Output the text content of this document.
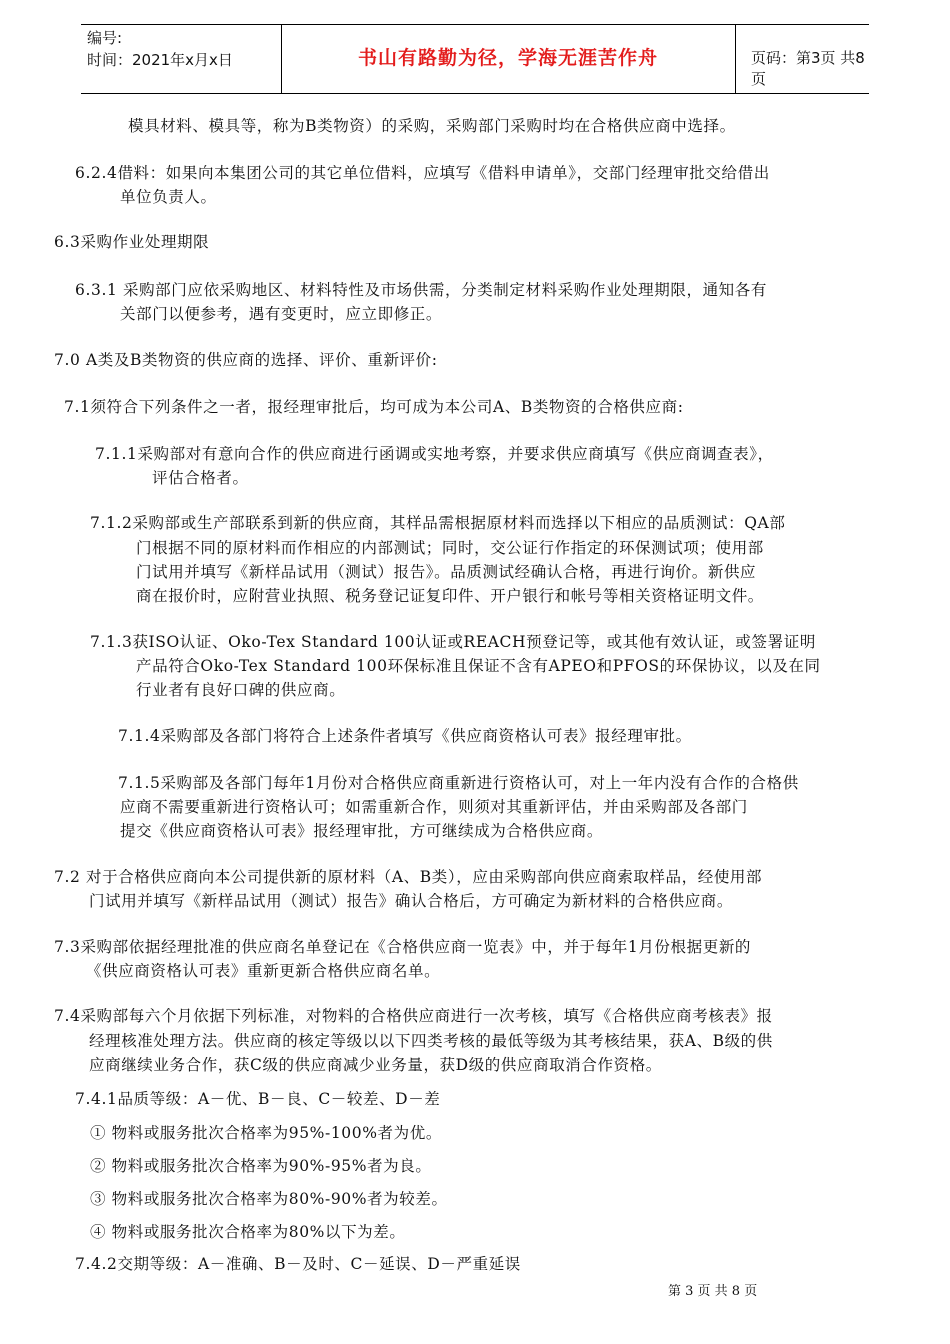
编号:
时间：2021年x月x日	书山有路勤为径，学海无涯苦作舟	页码：第3页 共8页
模具材料、模具等，称为B类物资）的采购，采购部门采购时均在合格供应商中选择。
6.2.4借料：如果向本集团公司的其它单位借料，应填写《借料申请单》，交部门经理审批交给借出
单位负责人。
6.3采购作业处理期限
6.3.1 采购部门应依采购地区、材料特性及市场供需，分类制定材料采购作业处理期限，通知各有
关部门以便参考，遇有变更时，应立即修正。
7.0 A类及B类物资的供应商的选择、评价、重新评价:
7.1须符合下列条件之一者，报经理审批后，均可成为本公司A、B类物资的合格供应商:
7.1.1采购部对有意向合作的供应商进行函调或实地考察，并要求供应商填写《供应商调查表》，
评估合格者。
7.1.2采购部或生产部联系到新的供应商，其样品需根据原材料而选择以下相应的品质测试：QA部
门根据不同的原材料而作相应的内部测试；同时，交公证行作指定的环保测试项；使用部
门试用并填写《新样品试用（测试）报告》。品质测试经确认合格，再进行询价。新供应
商在报价时，应附营业执照、税务登记证复印件、开户银行和帐号等相关资格证明文件。
7.1.3获ISO认证、Oko-Tex Standard 100认证或REACH预登记等，或其他有效认证，或签署证明
产品符合Oko-Tex Standard 100环保标准且保证不含有APEO和PFOS的环保协议，以及在同
行业者有良好口碑的供应商。
7.1.4采购部及各部门将符合上述条件者填写《供应商资格认可表》报经理审批。
7.1.5采购部及各部门每年1月份对合格供应商重新进行资格认可，对上一年内没有合作的合格供
应商不需要重新进行资格认可；如需重新合作，则须对其重新评估，并由采购部及各部门
提交《供应商资格认可表》报经理审批，方可继续成为合格供应商。
7.2 对于合格供应商向本公司提供新的原材料（A、B类），应由采购部向供应商索取样品，经使用部
门试用并填写《新样品试用（测试）报告》确认合格后，方可确定为新材料的合格供应商。
7.3采购部依据经理批准的供应商名单登记在《合格供应商一览表》中，并于每年1月份根据更新的
《供应商资格认可表》重新更新合格供应商名单。
7.4采购部每六个月依据下列标准，对物料的合格供应商进行一次考核，填写《合格供应商考核表》报
经理核准处理方法。供应商的核定等级以以下四类考核的最低等级为其考核结果，获A、B级的供
应商继续业务合作，获C级的供应商减少业务量，获D级的供应商取消合作资格。
7.4.1品质等级：A－优、B－良、C－较差、D－差
① 物料或服务批次合格率为95%-100%者为优。
② 物料或服务批次合格率为90%-95%者为良。
③ 物料或服务批次合格率为80%-90%者为较差。
④ 物料或服务批次合格率为80%以下为差。
7.4.2交期等级：A－准确、B－及时、C－延误、D－严重延误
第 3 页 共 8 页
